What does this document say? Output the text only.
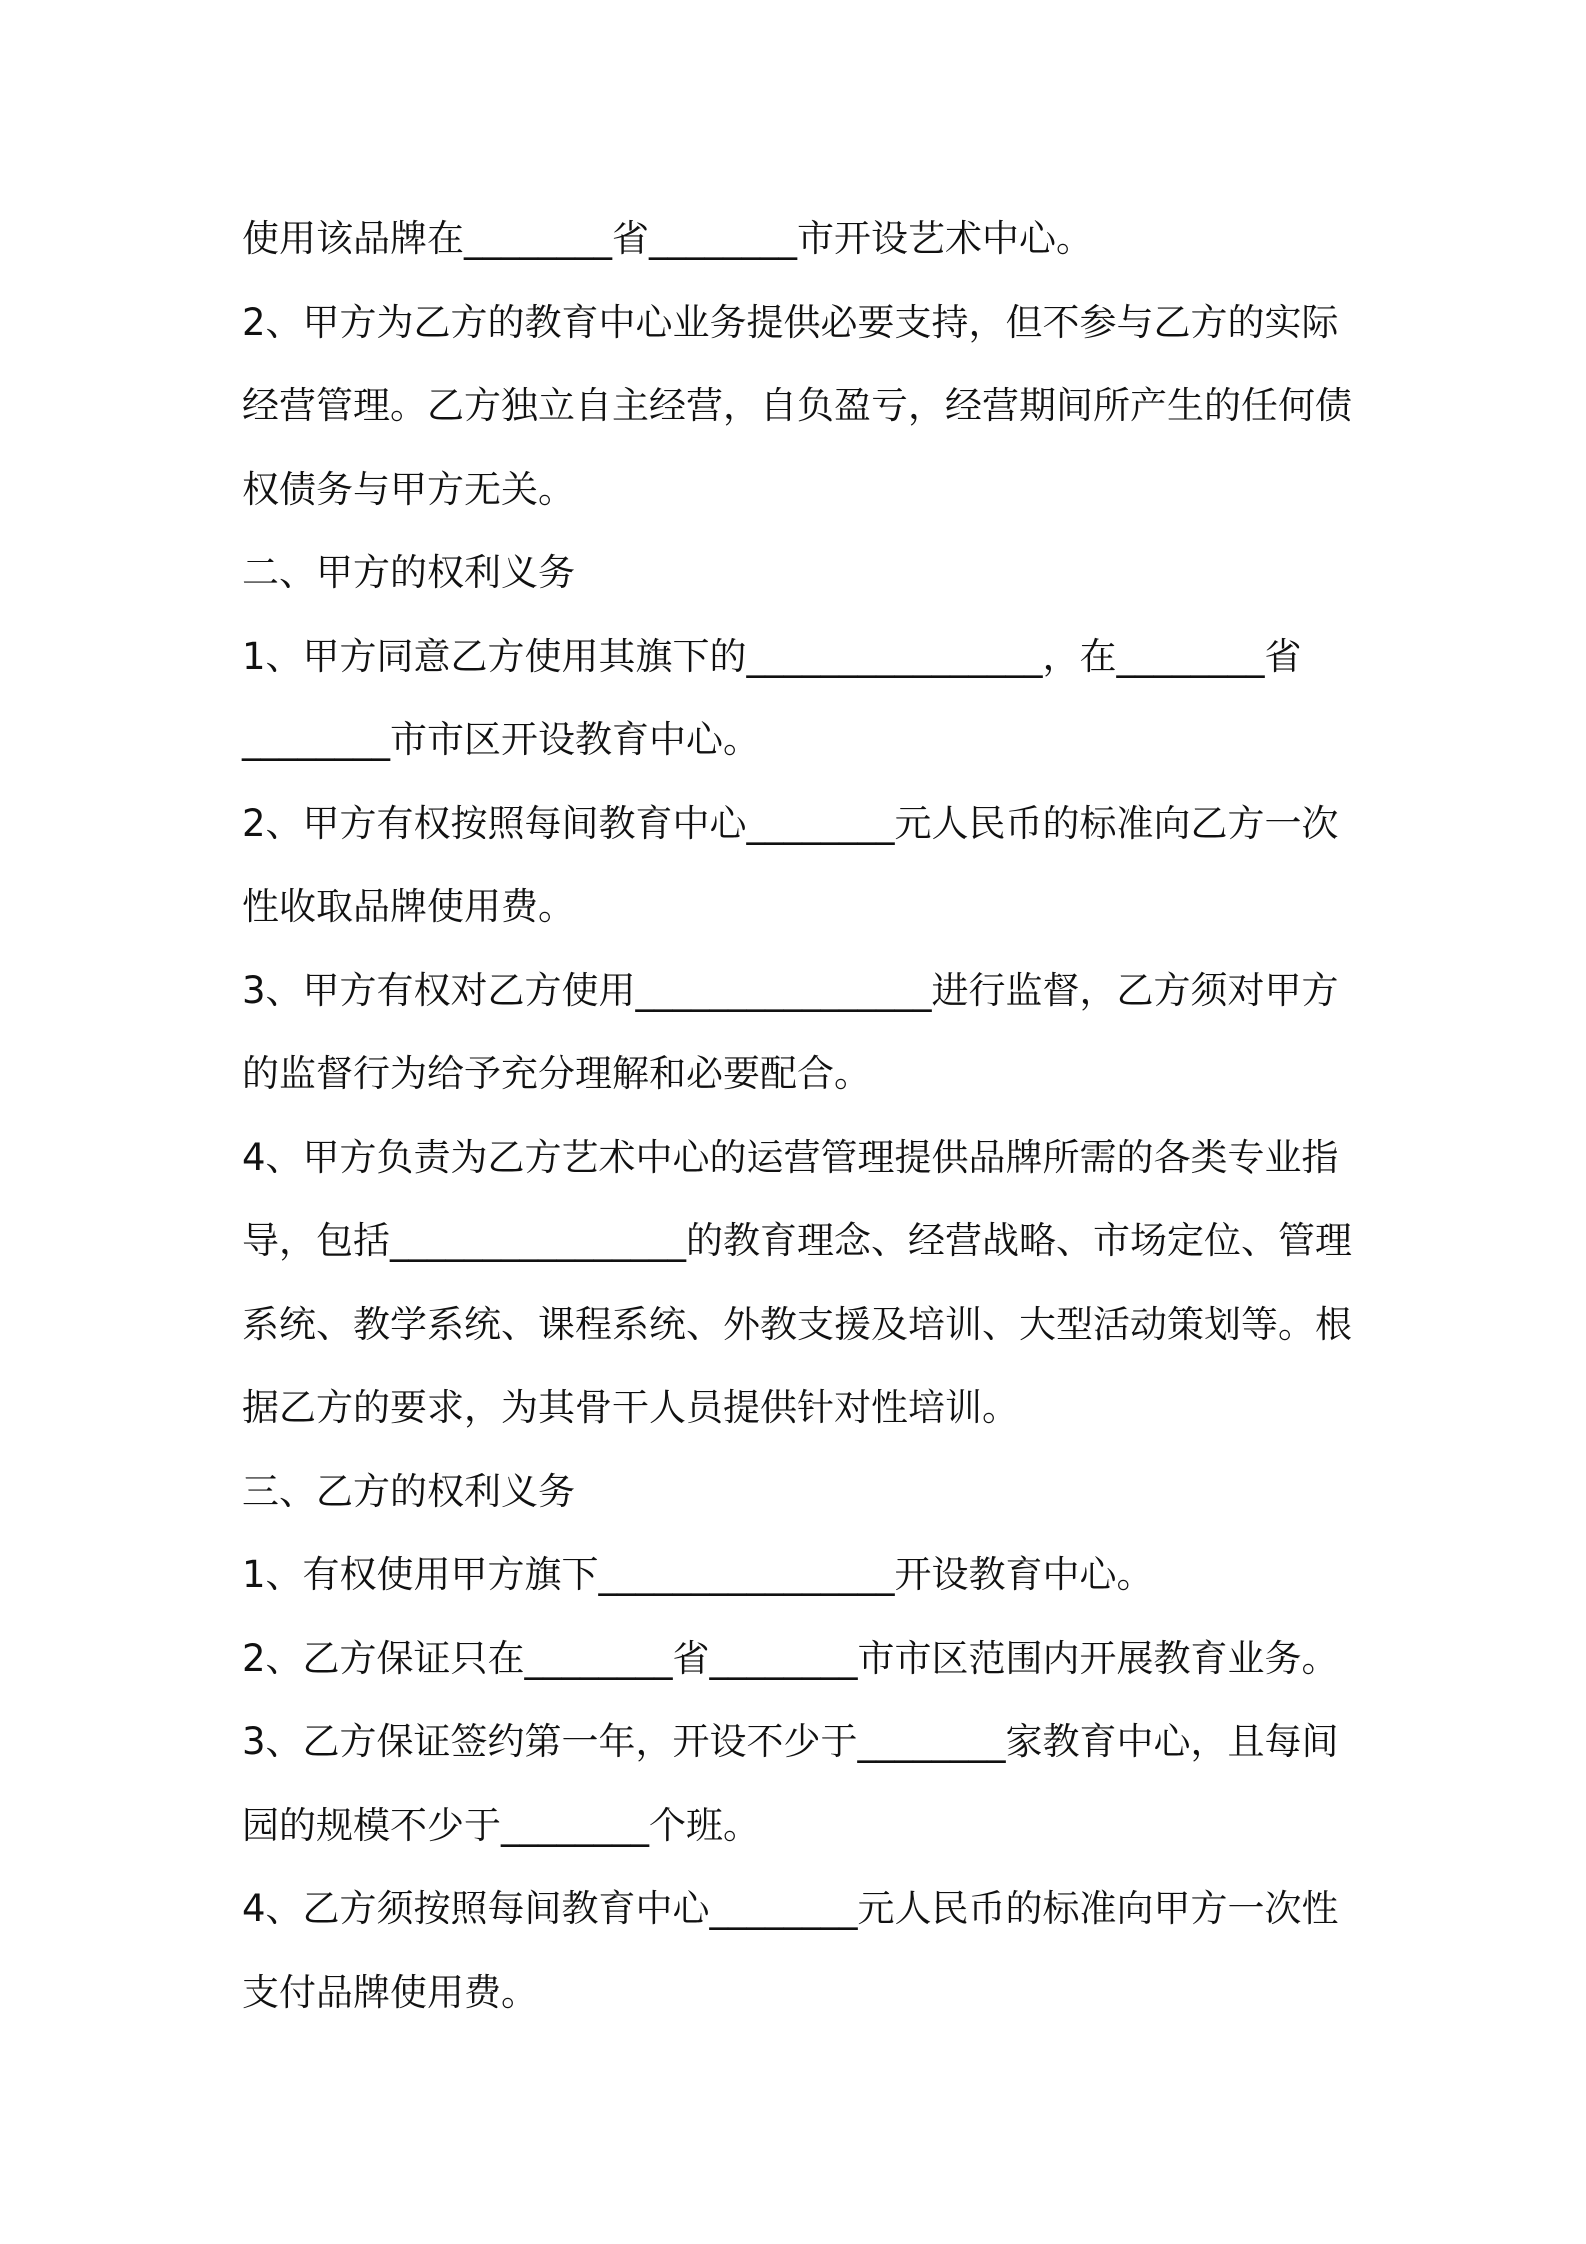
使用该品牌在________省________市开设艺术中心。
2、甲方为乙方的教育中心业务提供必要支持，但不参与乙方的实际
经营管理。乙方独立自主经营，自负盈亏，经营期间所产生的任何债
权债务与甲方无关。
二、甲方的权利义务
1、甲方同意乙方使用其旗下的________________，在________省
________市市区开设教育中心。
2、甲方有权按照每间教育中心________元人民币的标准向乙方一次
性收取品牌使用费。
3、甲方有权对乙方使用________________进行监督，乙方须对甲方
的监督行为给予充分理解和必要配合。
4、甲方负责为乙方艺术中心的运营管理提供品牌所需的各类专业指
导，包括________________的教育理念、经营战略、市场定位、管理
系统、教学系统、课程系统、外教支援及培训、大型活动策划等。根
据乙方的要求，为其骨干人员提供针对性培训。
三、乙方的权利义务
1、有权使用甲方旗下________________开设教育中心。
2、乙方保证只在________省________市市区范围内开展教育业务。
3、乙方保证签约第一年，开设不少于________家教育中心，且每间
园的规模不少于________个班。
4、乙方须按照每间教育中心________元人民币的标准向甲方一次性
支付品牌使用费。
